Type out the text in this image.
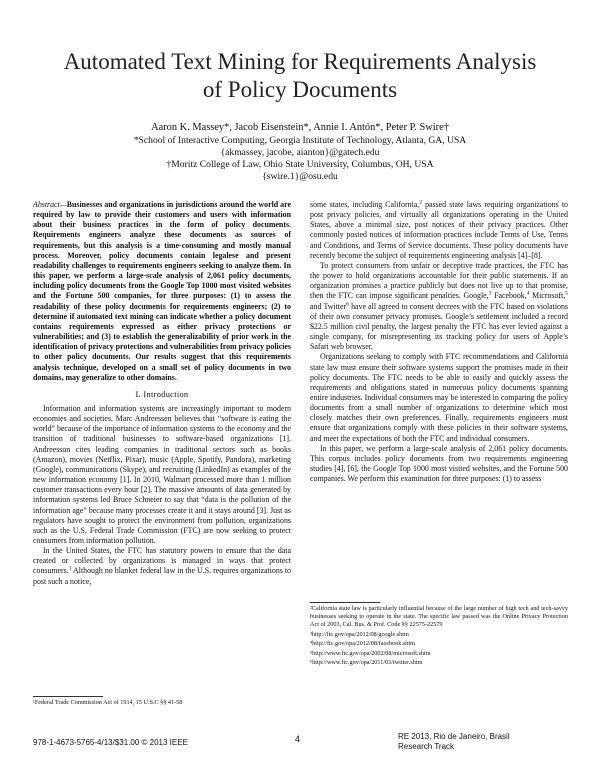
Automated Text Mining for Requirements Analysis
of Policy Documents
Aaron K. Massey*, Jacob Eisenstein*, Annie I. Antón*, Peter P. Swire†
*School of Interactive Computing, Georgia Institute of Technology, Atlanta, GA, USA
{akmassey, jacobe, aianton}@gatech.edu
†Moritz College of Law, Ohio State University, Columbus, OH, USA
{swire.1}@osu.edu

Abstract—Businesses and organizations in jurisdictions around the world are required by law to provide their customers and users with information about their business practices in the form of policy documents. Requirements engineers analyze these documents as sources of requirements, but this analysis is a time-consuming and mostly manual process. Moreover, policy documents contain legalese and present readability challenges to requirements engineers seeking to analyze them. In this paper, we perform a large-scale analysis of 2,061 policy documents, including policy documents from the Google Top 1000 most visited websites and the Fortune 500 companies, for three purposes: (1) to assess the readability of these policy documents for requirements engineers; (2) to determine if automated text mining can indicate whether a policy document contains requirements expressed as either privacy protections or vulnerabilities; and (3) to establish the generalizability of prior work in the identification of privacy protections and vulnerabilities from privacy policies to other policy documents. Our results suggest that this requirements analysis technique, developed on a small set of policy documents in two domains, may generalize to other domains.

I. Introduction

Information and information systems are increasingly important to modern economies and societies. Marc Andreessen believes that “software is eating the world” because of the importance of information systems to the economy and the transition of traditional businesses to software-based organizations [1]. Andreesson cites leading companies in traditional sectors such as books (Amazon), movies (Netflix, Pixar), music (Apple, Spotify, Pandora), marketing (Google), communications (Skype), and recruiting (LinkedIn) as examples of the new information economy [1]. In 2010, Walmart processed more than 1 million customer transactions every hour [2]. The massive amounts of data generated by information systems led Bruce Schneier to say that “data is the pollution of the information age” because many processes create it and it stays around [3]. Just as regulators have sought to protect the environment from pollution, organizations such as the U.S. Federal Trade Commission (FTC) are now seeking to protect consumers from information pollution.

In the United States, the FTC has statutory powers to ensure that the data created or collected by organizations is managed in ways that protect consumers.$^1$ Although no blanket federal law in the U.S. requires organizations to post such a notice,

¹Federal Trade Commission Act of 1914, 15 U.S.C §§ 41-58

some states, including California,$^2$ passed state laws requiring organizations to post privacy policies, and virtually all organizations operating in the United States, above a minimal size, post notices of their privacy practices. Other commonly posted notices of information practices include Terms of Use, Terms and Conditions, and Terms of Service documents. These policy documents have recently become the subject of requirements engineering analysis [4]–[8].

To protect consumers from unfair or deceptive trade practices, the FTC has the power to hold organizations accountable for their public statements. If an organization promises a practice publicly but does not live up to that promise, then the FTC can impose significant penalties. Google,$^3$ Facebook,$^4$ Microsoft,$^5$ and Twitter$^6$ have all agreed to consent decrees with the FTC based on violations of their own consumer privacy promises. Google’s settlement included a record $22.5 million civil penalty, the largest penalty the FTC has ever levied against a single company, for misrepresenting its tracking policy for users of Apple’s Safari web browser.

Organizations seeking to comply with FTC recommendations and California state law must ensure their software systems support the promises made in their policy documents. The FTC needs to be able to easily and quickly assess the requirements and obligations stated in numerous policy documents spanning entire industries. Individual consumers may be interested in comparing the policy documents from a small number of organizations to determine which most closely matches their own preferences. Finally, requirements engineers must ensure that organizations comply with these policies in their software systems, and meet the expectations of both the FTC and individual consumers.

In this paper, we perform a large-scale analysis of 2,061 policy documents. This corpus includes policy documents from two requirements engineering studies [4], [6], the Google Top 1000 most visited websites, and the Fortune 500 companies. We perform this examination for three purposes: (1) to assess

²California state law is particularly influential because of the large number of high tech and tech-savvy businesses seeking to operate in the state. The specific law passed was the Online Privacy Protection Act of 2003, Cal. Bus. & Prof. Code §§ 22575-22579
³http://ftc.gov/opa/2012/08/google.shtm
⁴http://ftc.gov/opa/2012/08/facebook.shtm
⁵http://www.ftc.gov/opa/2002/08/microsoft.shtm
⁶http://www.ftc.gov/opa/2011/03/twitter.shtm
978-1-4673-5765-4/13/$31.00 © 2013 IEEE	4	RE 2013, Rio de Janeiro, Brasil
Research Track
